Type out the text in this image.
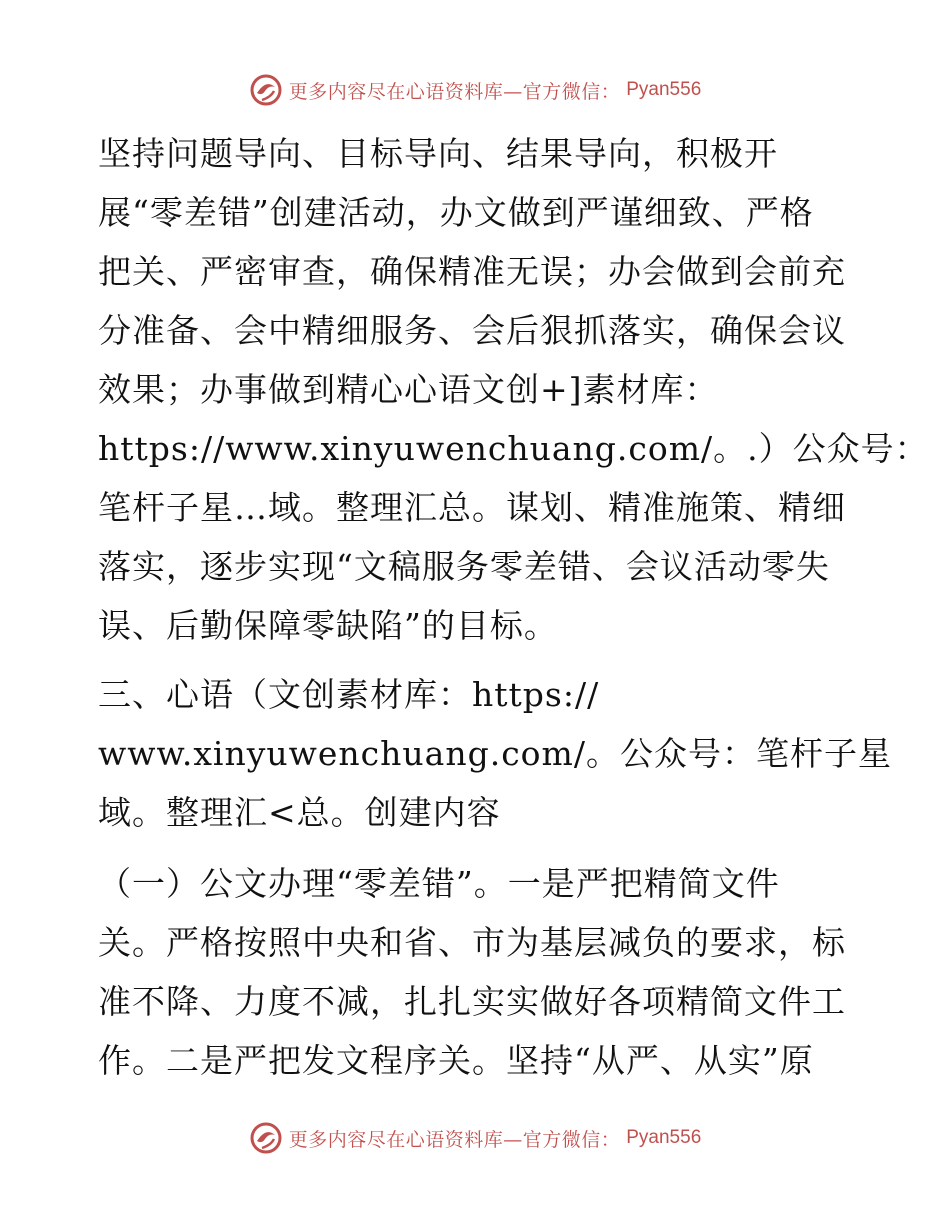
更多内容尽在心语资料库—官方微信： Pyan556
坚持问题导向、目标导向、结果导向，积极开
展“零差错”创建活动，办文做到严谨细致、严格
把关、严密审查，确保精准无误；办会做到会前充
分准备、会中精细服务、会后狠抓落实，确保会议
效果；办事做到精心心语文创+]素材库：
https://www.xinyuwenchuang.com/。.）公众号：
笔杆子星…域。整理汇总。谋划、精准施策、精细
落实，逐步实现“文稿服务零差错、会议活动零失
误、后勤保障零缺陷”的目标。
三、心语（文创素材库：https://
www.xinyuwenchuang.com/。公众号：笔杆子星
域。整理汇<总。创建内容
（一）公文办理“零差错”。一是严把精简文件
关。严格按照中央和省、市为基层减负的要求，标
准不降、力度不减，扎扎实实做好各项精简文件工
作。二是严把发文程序关。坚持“从严、从实”原
更多内容尽在心语资料库—官方微信： Pyan556
